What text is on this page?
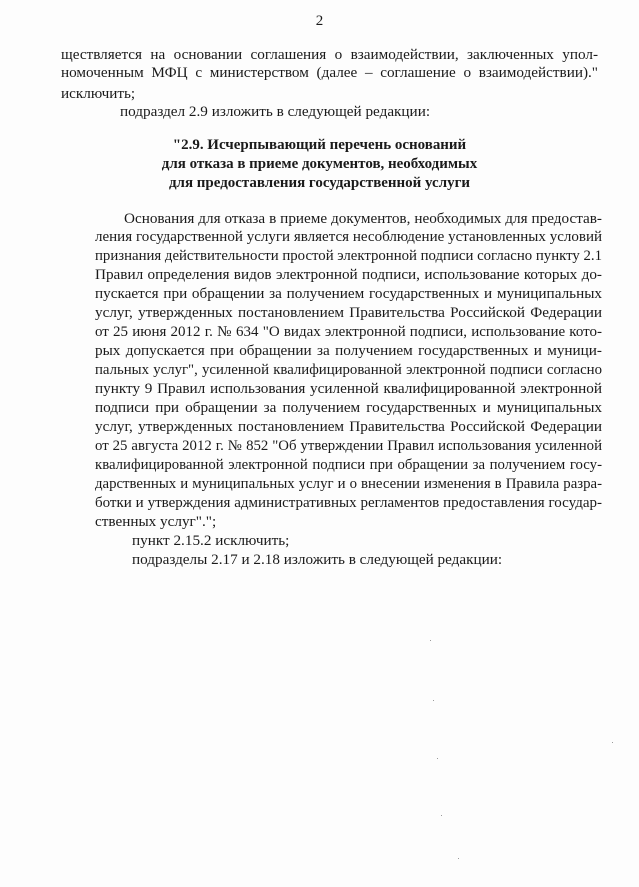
2
ществляется на основании соглашения о взаимодействии, заключенных упол-
номоченным МФЦ с министерством (далее – соглашение о взаимодействии)."
исключить;
подраздел 2.9 изложить в следующей редакции:
"2.9. Исчерпывающий перечень оснований
для отказа в приеме документов, необходимых
для предоставления государственной услуги
Основания для отказа в приеме документов, необходимых для предостав-
ления государственной услуги является несоблюдение установленных условий
признания действительности простой электронной подписи согласно пункту 2.1
Правил определения видов электронной подписи, использование которых до-
пускается при обращении за получением государственных и муниципальных
услуг, утвержденных постановлением Правительства Российской Федерации
от 25 июня 2012 г. № 634 "О видах электронной подписи, использование кото-
рых допускается при обращении за получением государственных и муници-
пальных услуг", усиленной квалифицированной электронной подписи согласно
пункту 9 Правил использования усиленной квалифицированной электронной
подписи при обращении за получением государственных и муниципальных
услуг, утвержденных постановлением Правительства Российской Федерации
от 25 августа 2012 г. № 852 "Об утверждении Правил использования усиленной
квалифицированной электронной подписи при обращении за получением госу-
дарственных и муниципальных услуг и о внесении изменения в Правила разра-
ботки и утверждения административных регламентов предоставления государ-
ственных услуг".";
пункт 2.15.2 исключить;
подразделы 2.17 и 2.18 изложить в следующей редакции:
